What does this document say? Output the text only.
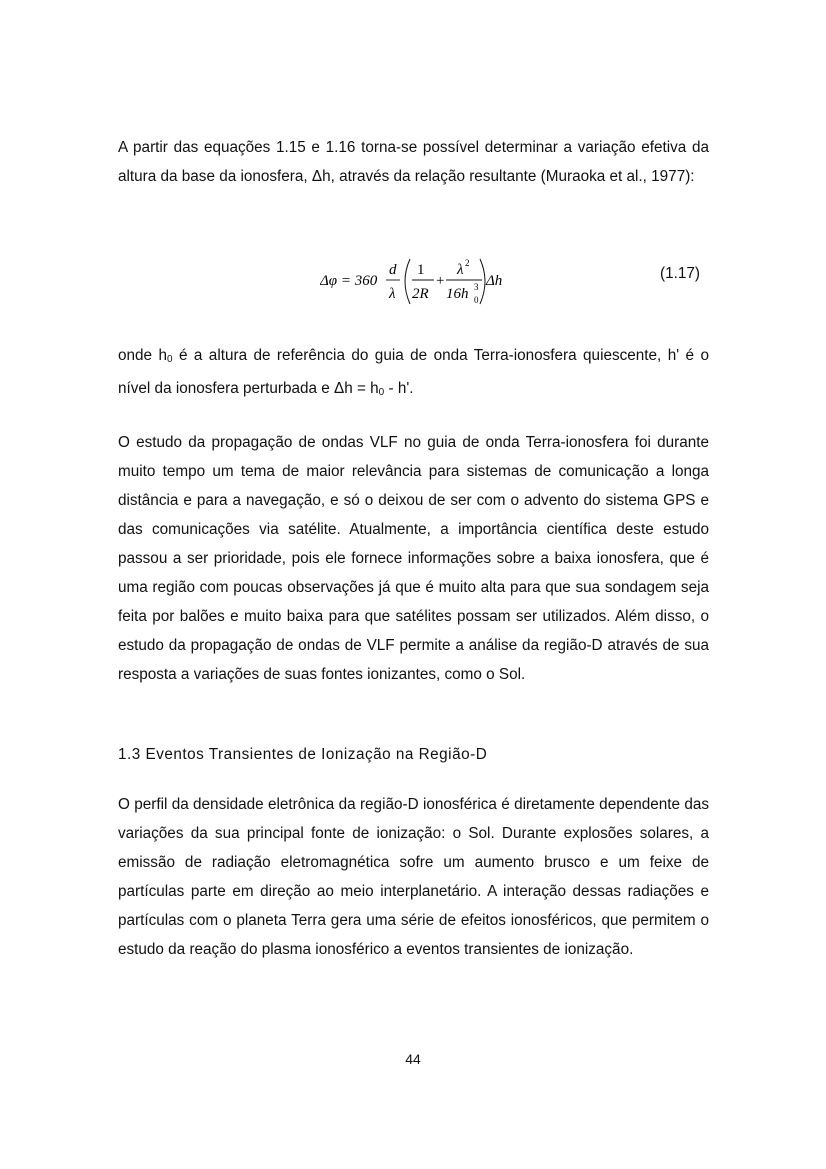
A partir das equações 1.15 e 1.16 torna-se possível determinar a variação efetiva da altura da base da ionosfera, Δh, através da relação resultante (Muraoka et al., 1977):

Δφ = 360
d
λ
1
2R
+
λ 2
16h 3
0
Δh	(1.17)

onde $h_0$ é a altura de referência do guia de onda Terra-ionosfera quiescente, h' é o nível da ionosfera perturbada e $\Delta h = h_0 - h'$.

O estudo da propagação de ondas VLF no guia de onda Terra-ionosfera foi durante muito tempo um tema de maior relevância para sistemas de comunicação a longa distância e para a navegação, e só o deixou de ser com o advento do sistema GPS e das comunicações via satélite. Atualmente, a importância científica deste estudo passou a ser prioridade, pois ele fornece informações sobre a baixa ionosfera, que é uma região com poucas observações já que é muito alta para que sua sondagem seja feita por balões e muito baixa para que satélites possam ser utilizados. Além disso, o estudo da propagação de ondas de VLF permite a análise da região-D através de sua resposta a variações de suas fontes ionizantes, como o Sol.

1.3 Eventos Transientes de Ionização na Região-D

O perfil da densidade eletrônica da região-D ionosférica é diretamente dependente das variações da sua principal fonte de ionização: o Sol. Durante explosões solares, a emissão de radiação eletromagnética sofre um aumento brusco e um feixe de partículas parte em direção ao meio interplanetário. A interação dessas radiações e partículas com o planeta Terra gera uma série de efeitos ionosféricos, que permitem o estudo da reação do plasma ionosférico a eventos transientes de ionização.

44
